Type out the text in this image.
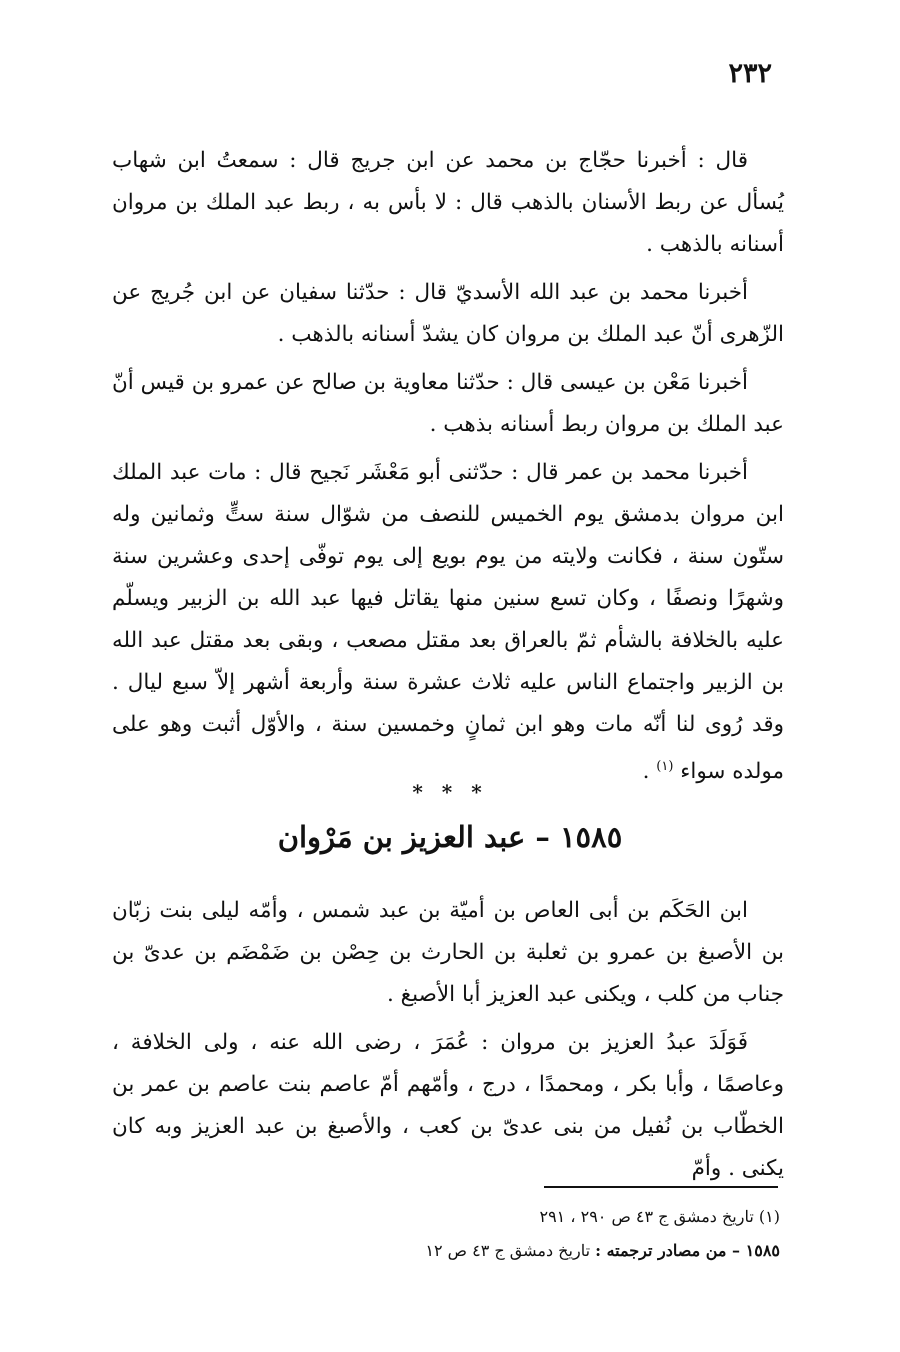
٢٣٢

قال : أخبرنا حجّاج بن محمد عن ابن جريج قال : سمعتُ ابن شهاب يُسأل عن ربط الأسنان بالذهب قال : لا بأس به ، ربط عبد الملك بن مروان أسنانه بالذهب .

أخبرنا محمد بن عبد الله الأسديّ قال : حدّثنا سفيان عن ابن جُريج عن الزّهرى أنّ عبد الملك بن مروان كان يشدّ أسنانه بالذهب .

أخبرنا مَعْن بن عيسى قال : حدّثنا معاوية بن صالح عن عمرو بن قيس أنّ عبد الملك بن مروان ربط أسنانه بذهب .

أخبرنا محمد بن عمر قال : حدّثنى أبو مَعْشَر نَجيح قال : مات عبد الملك ابن مروان بدمشق يوم الخميس للنصف من شوّال سنة ستٍّ وثمانين وله ستّون سنة ، فكانت ولايته من يوم بويع إلى يوم توفّى إحدى وعشرين سنة وشهرًا ونصفًا ، وكان تسع سنين منها يقاتل فيها عبد الله بن الزبير ويسلّم عليه بالخلافة بالشأم ثمّ بالعراق بعد مقتل مصعب ، وبقى بعد مقتل عبد الله بن الزبير واجتماع الناس عليه ثلاث عشرة سنة وأربعة أشهر إلاّ سبع ليال . وقد رُوى لنا أنّه مات وهو ابن ثمانٍ وخمسين سنة ، والأوّل أثبت وهو على مولده سواء $^{(١)}$ .

* * *
١٥٨٥ – عبد العزيز بن مَرْوان

ابن الحَكَم بن أبى العاص بن أميّة بن عبد شمس ، وأمّه ليلى بنت زبّان بن الأصبغ بن عمرو بن ثعلبة بن الحارث بن حِصْن بن ضَمْضَم بن عدىّ بن جناب من كلب ، ويكنى عبد العزيز أبا الأصبغ .

فَوَلَدَ عبدُ العزيز بن مروان : عُمَرَ ، رضى الله عنه ، ولى الخلافة ، وعاصمًا ، وأبا بكر ، ومحمدًا ، درج ، وأمّهم أمّ عاصم بنت عاصم بن عمر بن الخطّاب بن نُفيل من بنى عدىّ بن كعب ، والأصبغ بن عبد العزيز وبه كان يكنى . وأمّ

(١) تاريخ دمشق ج ٤٣ ص ٢٩٠ ، ٢٩١

١٥٨٥ – من مصادر ترجمته : تاريخ دمشق ج ٤٣ ص ١٢
